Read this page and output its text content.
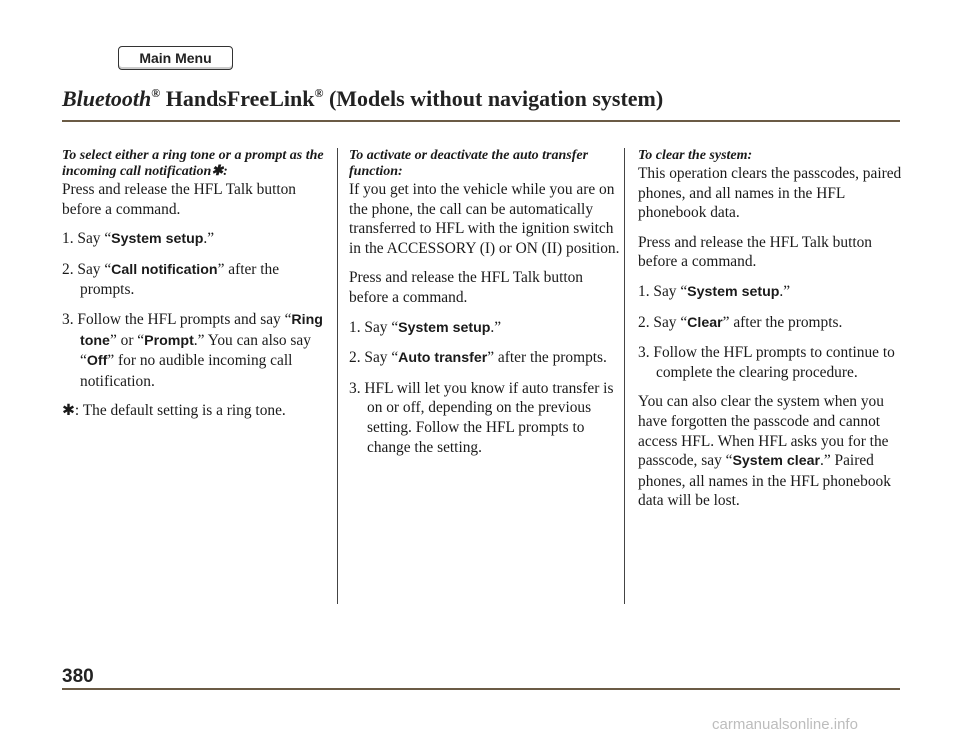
Main Menu
Bluetooth® HandsFreeLink® (Models without navigation system)
To select either a ring tone or a prompt as the incoming call notification✱:

Press and release the HFL Talk button before a command.

1. Say “System setup.”
2. Say “Call notification” after the prompts.
3. Follow the HFL prompts and say “Ring tone” or “Prompt.” You can also say “Off” for no audible incoming call notification.

✱: The default setting is a ring tone.

To activate or deactivate the auto transfer function:

If you get into the vehicle while you are on the phone, the call can be automatically transferred to HFL with the ignition switch in the ACCESSORY (I) or ON (II) position.

Press and release the HFL Talk button before a command.

1. Say “System setup.”
2. Say “Auto transfer” after the prompts.
3. HFL will let you know if auto transfer is on or off, depending on the previous setting. Follow the HFL prompts to change the setting.
To clear the system:

This operation clears the passcodes, paired phones, and all names in the HFL phonebook data.

Press and release the HFL Talk button before a command.

1. Say “System setup.”
2. Say “Clear” after the prompts.
3. Follow the HFL prompts to continue to complete the clearing procedure.

You can also clear the system when you have forgotten the passcode and cannot access HFL. When HFL asks you for the passcode, say “System clear.” Paired phones, all names in the HFL phonebook data will be lost.

380
carmanualsonline.info
